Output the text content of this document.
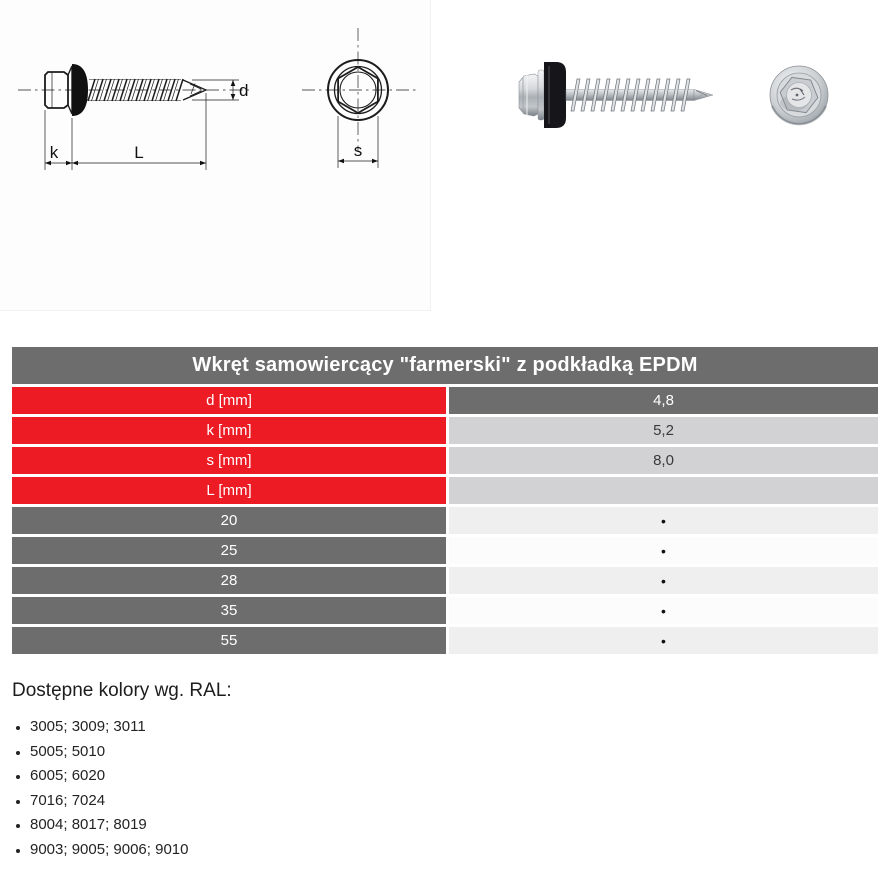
d
k	L	s
Wkręt samowiercący "farmerski" z podkładką EPDM
d [mm]	4,8
k [mm]	5,2
s [mm]	8,0
L [mm]
20	•
25	•
28	•
35	•
55	•
Dostępne kolory wg. RAL:
• 3005; 3009; 3011
• 5005; 5010
• 6005; 6020
• 7016; 7024
• 8004; 8017; 8019
• 9003; 9005; 9006; 9010
